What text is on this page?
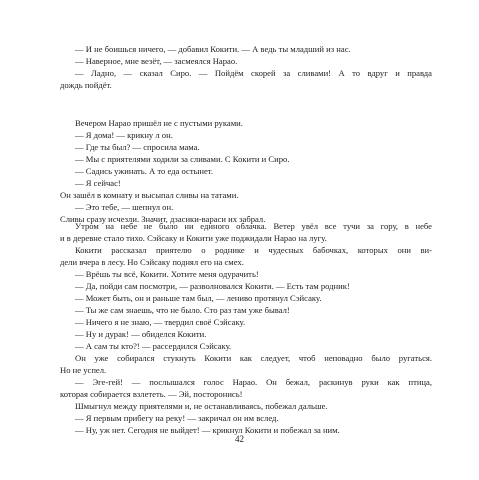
— И не боишься ничего, — добавил Кокити. — А ведь ты младший из нас.
— Наверное, мне везёт, — засмеялся Нарао.
— Ладно, — сказал Сиро. — Пойдём скорей за сливами! А то вдруг и правда
дождь пойдёт.
Вечером Нарао пришёл не с пустыми руками.
— Я дома! — крикну л он.
— Где ты был? — спросила мама.
— Мы с приятелями ходили за сливами. С Кокити и Сиро.
— Садись ужинать. А то еда остынет.
— Я сейчас!
Он зашёл в комнату и высыпал сливы на татами.
— Это тебе, — шепнул он.
Сливы сразу исчезли. Значит, дзасики-вараси их забрал.
Утром на небе не было ни единого облачка. Ветер увёл все тучи за гору, в небе
и в деревне стало тихо. Сэйсаку и Кокити уже поджидали Нарао на лугу.
Кокити рассказал приятелю о роднике и чудесных бабочках, которых они ви-
дели вчера в лесу. Но Сэйсаку поднял его на смех.
— Врёшь ты всё, Кокити. Хотите меня одурачить!
— Да, пойди сам посмотри, — разволновался Кокити. — Есть там родник!
— Может быть, он и раньше там был, — лениво протянул Сэйсаку.
— Ты же сам знаешь, что не было. Сто раз там уже бывал!
— Ничего я не знаю, — твердил своё Сэйсаку.
— Ну и дурак! — обиделся Кокити.
— А сам ты кто?! — рассердился Сэйсаку.
Он уже собирался стукнуть Кокити как следует, чтоб неповадно было ругаться.
Но не успел.
— Эге-гей! — послышался голос Нарао. Он бежал, раскинув руки как птица,
которая собирается взлететь. — Эй, посторонись!
Шмыгнул между приятелями и, не останавливаясь, побежал дальше.
— Я первым прибегу на реку! — закричал он им вслед.
— Ну, уж нет. Сегодня не выйдет! — крикнул Кокити и побежал за ним.
42
